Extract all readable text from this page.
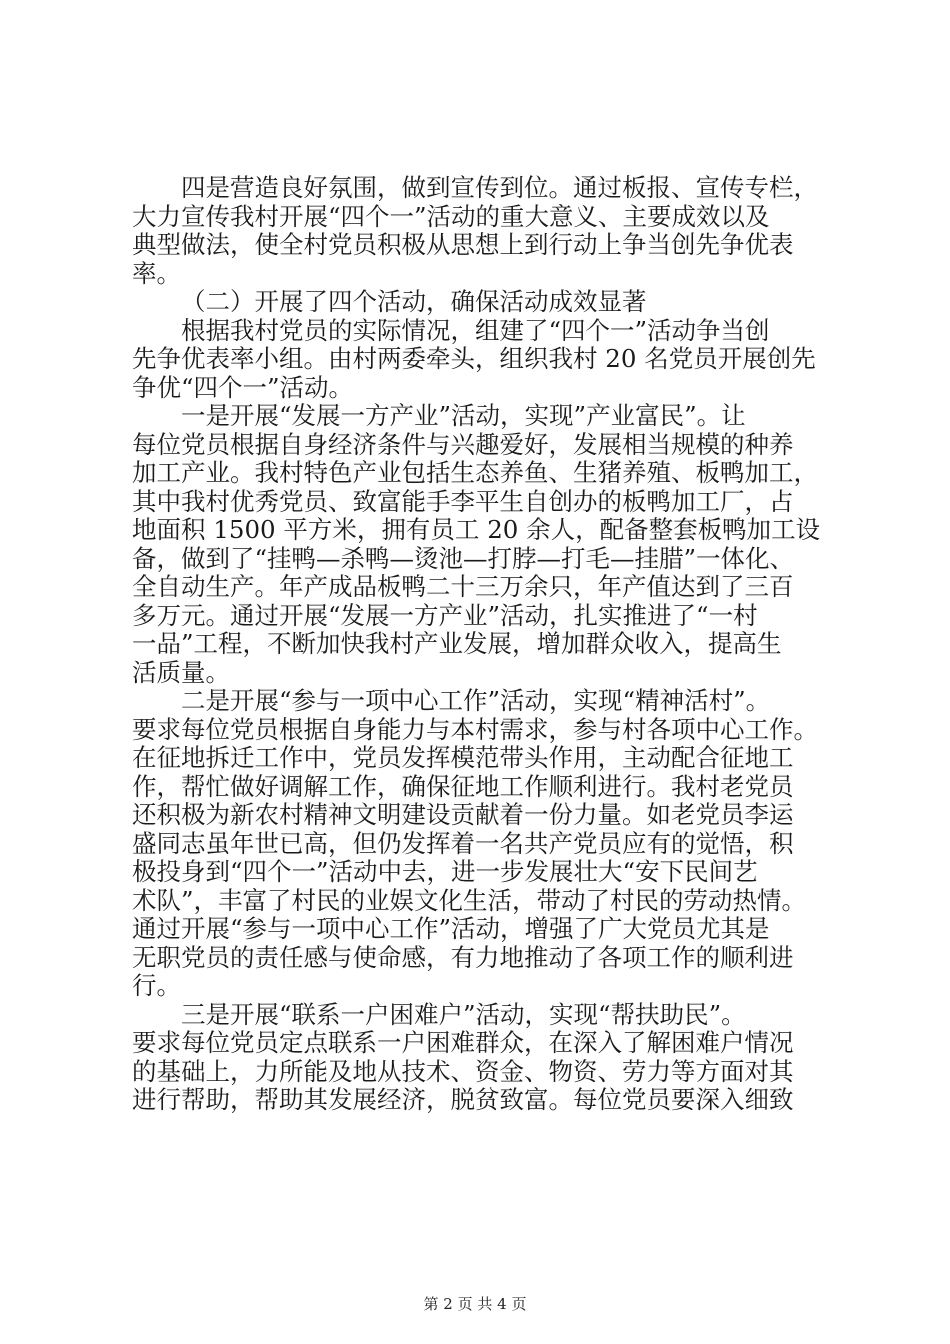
四是营造良好氛围，做到宣传到位。通过板报、宣传专栏，
大力宣传我村开展“四个一”活动的重大意义、主要成效以及
典型做法，使全村党员积极从思想上到行动上争当创先争优表
率。
（二）开展了四个活动，确保活动成效显著
根据我村党员的实际情况，组建了“四个一”活动争当创
先争优表率小组。由村两委牵头，组织我村 20 名党员开展创先
争优“四个一”活动。
一是开展“发展一方产业”活动，实现”产业富民”。让
每位党员根据自身经济条件与兴趣爱好，发展相当规模的种养
加工产业。我村特色产业包括生态养鱼、生猪养殖、板鸭加工，
其中我村优秀党员、致富能手李平生自创办的板鸭加工厂，占
地面积 1500 平方米，拥有员工 20 余人，配备整套板鸭加工设
备，做到了“挂鸭—杀鸭—烫池—打脖—打毛—挂腊”一体化、
全自动生产。年产成品板鸭二十三万余只，年产值达到了三百
多万元。通过开展“发展一方产业”活动，扎实推进了“一村
一品”工程，不断加快我村产业发展，增加群众收入，提高生
活质量。
二是开展“参与一项中心工作”活动，实现“精神活村”。
要求每位党员根据自身能力与本村需求，参与村各项中心工作。
在征地拆迁工作中，党员发挥模范带头作用，主动配合征地工
作，帮忙做好调解工作，确保征地工作顺利进行。我村老党员
还积极为新农村精神文明建设贡献着一份力量。如老党员李运
盛同志虽年世已高，但仍发挥着一名共产党员应有的觉悟，积
极投身到“四个一”活动中去，进一步发展壮大“安下民间艺
术队”，丰富了村民的业娱文化生活，带动了村民的劳动热情。
通过开展“参与一项中心工作”活动，增强了广大党员尤其是
无职党员的责任感与使命感，有力地推动了各项工作的顺利进
行。
三是开展“联系一户困难户”活动，实现“帮扶助民”。
要求每位党员定点联系一户困难群众，在深入了解困难户情况
的基础上，力所能及地从技术、资金、物资、劳力等方面对其
进行帮助，帮助其发展经济，脱贫致富。每位党员要深入细致
第 2 页 共 4 页
